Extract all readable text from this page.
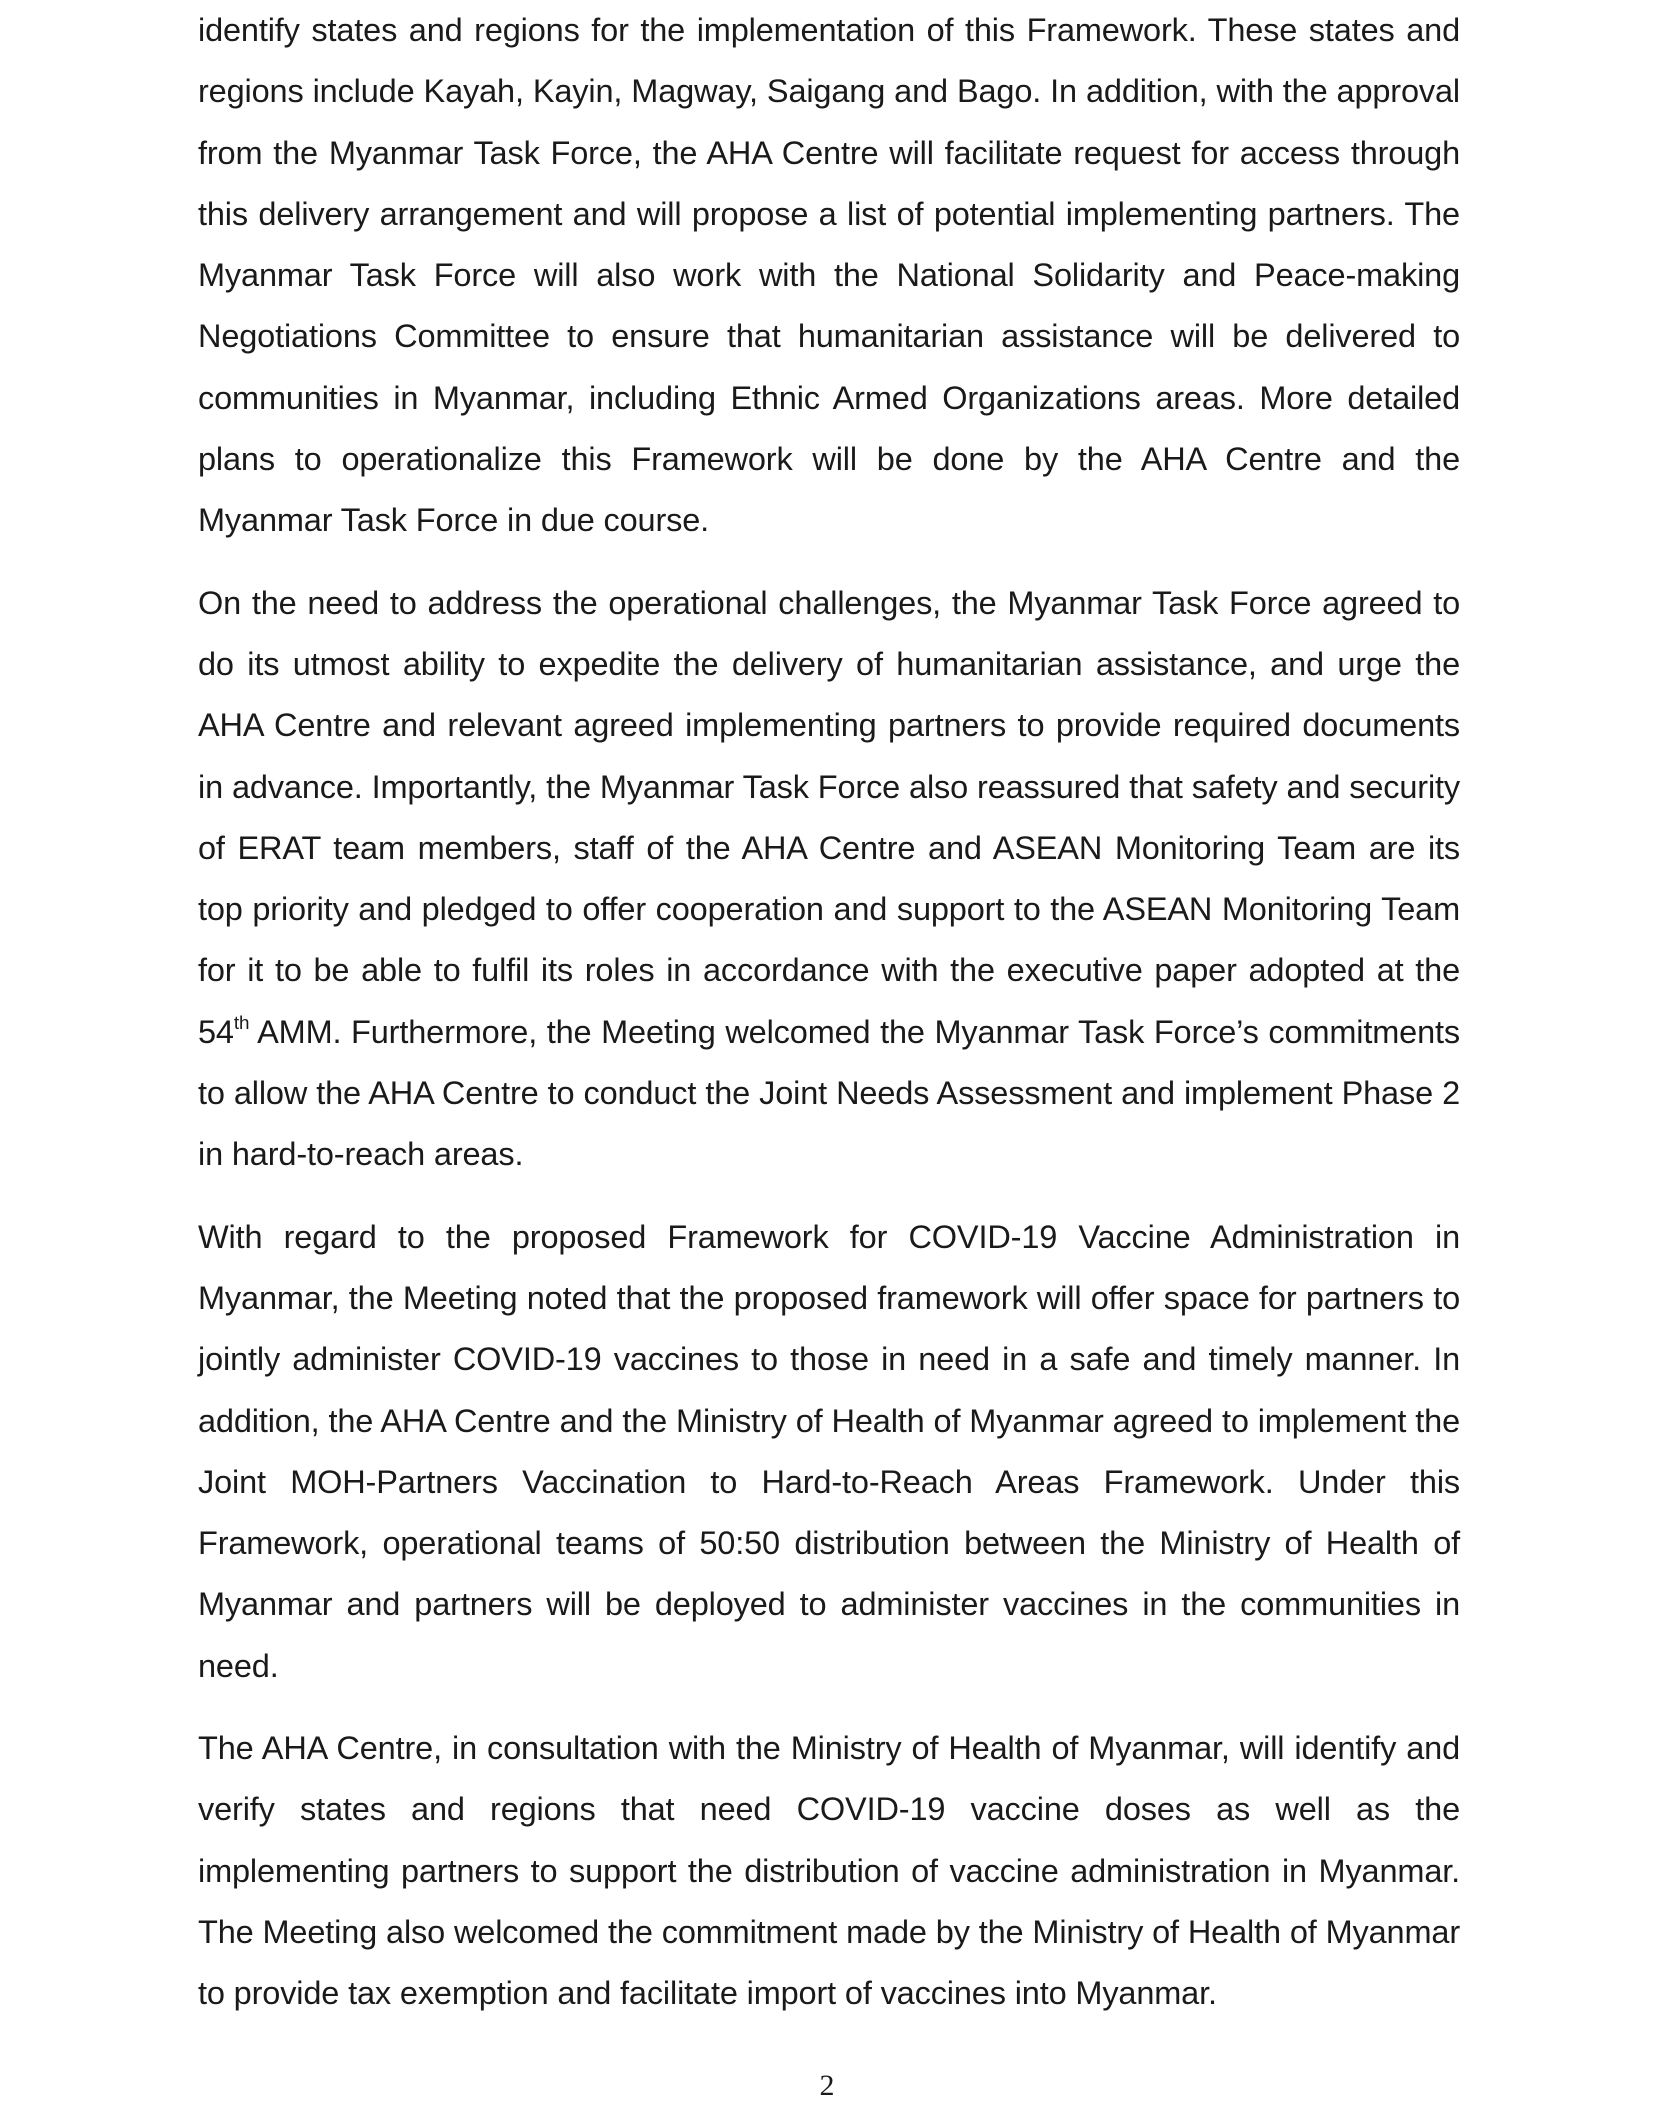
identify states and regions for the implementation of this Framework. These states and regions include Kayah, Kayin, Magway, Saigang and Bago. In addition, with the approval from the Myanmar Task Force, the AHA Centre will facilitate request for access through this delivery arrangement and will propose a list of potential implementing partners. The Myanmar Task Force will also work with the National Solidarity and Peace-making Negotiations Committee to ensure that humanitarian assistance will be delivered to communities in Myanmar, including Ethnic Armed Organizations areas. More detailed plans to operationalize this Framework will be done by the AHA Centre and the Myanmar Task Force in due course.

On the need to address the operational challenges, the Myanmar Task Force agreed to do its utmost ability to expedite the delivery of humanitarian assistance, and urge the AHA Centre and relevant agreed implementing partners to provide required documents in advance. Importantly, the Myanmar Task Force also reassured that safety and security of ERAT team members, staff of the AHA Centre and ASEAN Monitoring Team are its top priority and pledged to offer cooperation and support to the ASEAN Monitoring Team for it to be able to fulfil its roles in accordance with the executive paper adopted at the 54th AMM. Furthermore, the Meeting welcomed the Myanmar Task Force’s commitments to allow the AHA Centre to conduct the Joint Needs Assessment and implement Phase 2 in hard-to-reach areas.

With regard to the proposed Framework for COVID-19 Vaccine Administration in Myanmar, the Meeting noted that the proposed framework will offer space for partners to jointly administer COVID-19 vaccines to those in need in a safe and timely manner. In addition, the AHA Centre and the Ministry of Health of Myanmar agreed to implement the Joint MOH-Partners Vaccination to Hard-to-Reach Areas Framework. Under this Framework, operational teams of 50:50 distribution between the Ministry of Health of Myanmar and partners will be deployed to administer vaccines in the communities in need.

The AHA Centre, in consultation with the Ministry of Health of Myanmar, will identify and verify states and regions that need COVID-19 vaccine doses as well as the implementing partners to support the distribution of vaccine administration in Myanmar. The Meeting also welcomed the commitment made by the Ministry of Health of Myanmar to provide tax exemption and facilitate import of vaccines into Myanmar.

2
